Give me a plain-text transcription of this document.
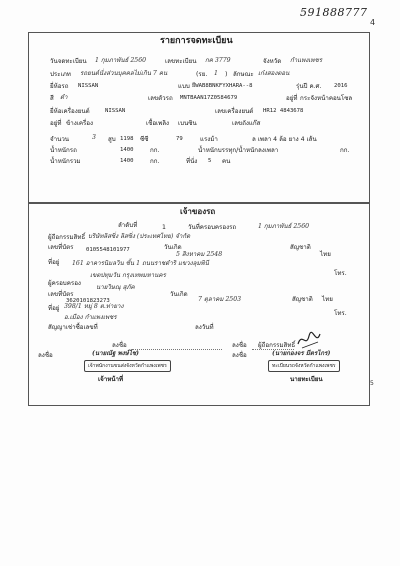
591888777
4
รายการจดทะเบียน
วันจดทะเบียน 1 กุมภาพันธ์ 2560	เลขทะเบียน กค 3779	จังหวัด กำแพงเพชร
ประเภท รถยนต์นั่งส่วนบุคคลไม่เกิน 7 คน	(รย. 1 ) ลักษณะ เก๋งสองตอน
ยี่ห้อรถ NISSAN	แบบ ยีWAB8BNKFYXHARA--8	รุ่นปี ค.ศ. 2016
สี ดำ	เลขตัวรถ MNTBAAN17Z0584679	อยู่ที่ กระจังหน้าคอนโซล
ยี่ห้อเครื่องยนต์	NISSAN	เลขเครื่องยนต์ HR12 4843678
อยู่ที่ ข้างเครื่อง	เชื้อเพลิง เบนซิน	เลขถังแก๊ส
จำนวน	3 สูบ 1198 ซีซี	79	แรงม้า	ล เพลา 4 ล้อ ยาง 4 เส้น
น้ำหนักรถ	1400	กก.	น้ำหนักบรรทุก/น้ำหนักลงเพลา	กก.
น้ำหนักรวม	1400	กก.	ที่นั่ง 5 คน
เจ้าของรถ
ลำดับที่	1	วันที่ครอบครองรถ	1 กุมภาพันธ์ 2560
ผู้ถือกรรมสิทธิ์ บริษัทลิสซิ่ง ลิสซิ่ง (ประเทศไทย) จำกัด
เลขที่บัตร 0105548101977	วันเกิด
5 สิงหาคม 2548
สัญชาติ
ไทย
ที่อยู่ 161 อาคารนิมลวิน ชั้น 1 ถนนราชดำริ แขวงลุมพินี
เขตปทุมวัน กรุงเทพมหานคร	โทร.
ผู้ครอบครอง
นายวิษณุ สุภัค
เลขที่บัตร
3620101823273
วันเกิด
7 ตุลาคม 2503	สัญชาติ ไทย
ที่อยู่ 398/1 หมู่ 8 ต.ท่ายาง
อ.เมือง กำแพงเพชร
โทร.
สัญญาเช่าซื้อเลขที่	ลงวันที่
ลงชื่อ	ลงชื่อ ผู้ถือกรรมสิทธิ์
ลงชื่อ	(นายณัฐ พงษ์ไช)
เจ้าพนักงานขนส่งจังหวัดกำแพงเพชร
เจ้าหน้าที่
ลงชื่อ	(นายกองจร มีตรไกร)
ทะเบียนรถจังหวัดกำแพงเพชร
นายทะเบียน
5
